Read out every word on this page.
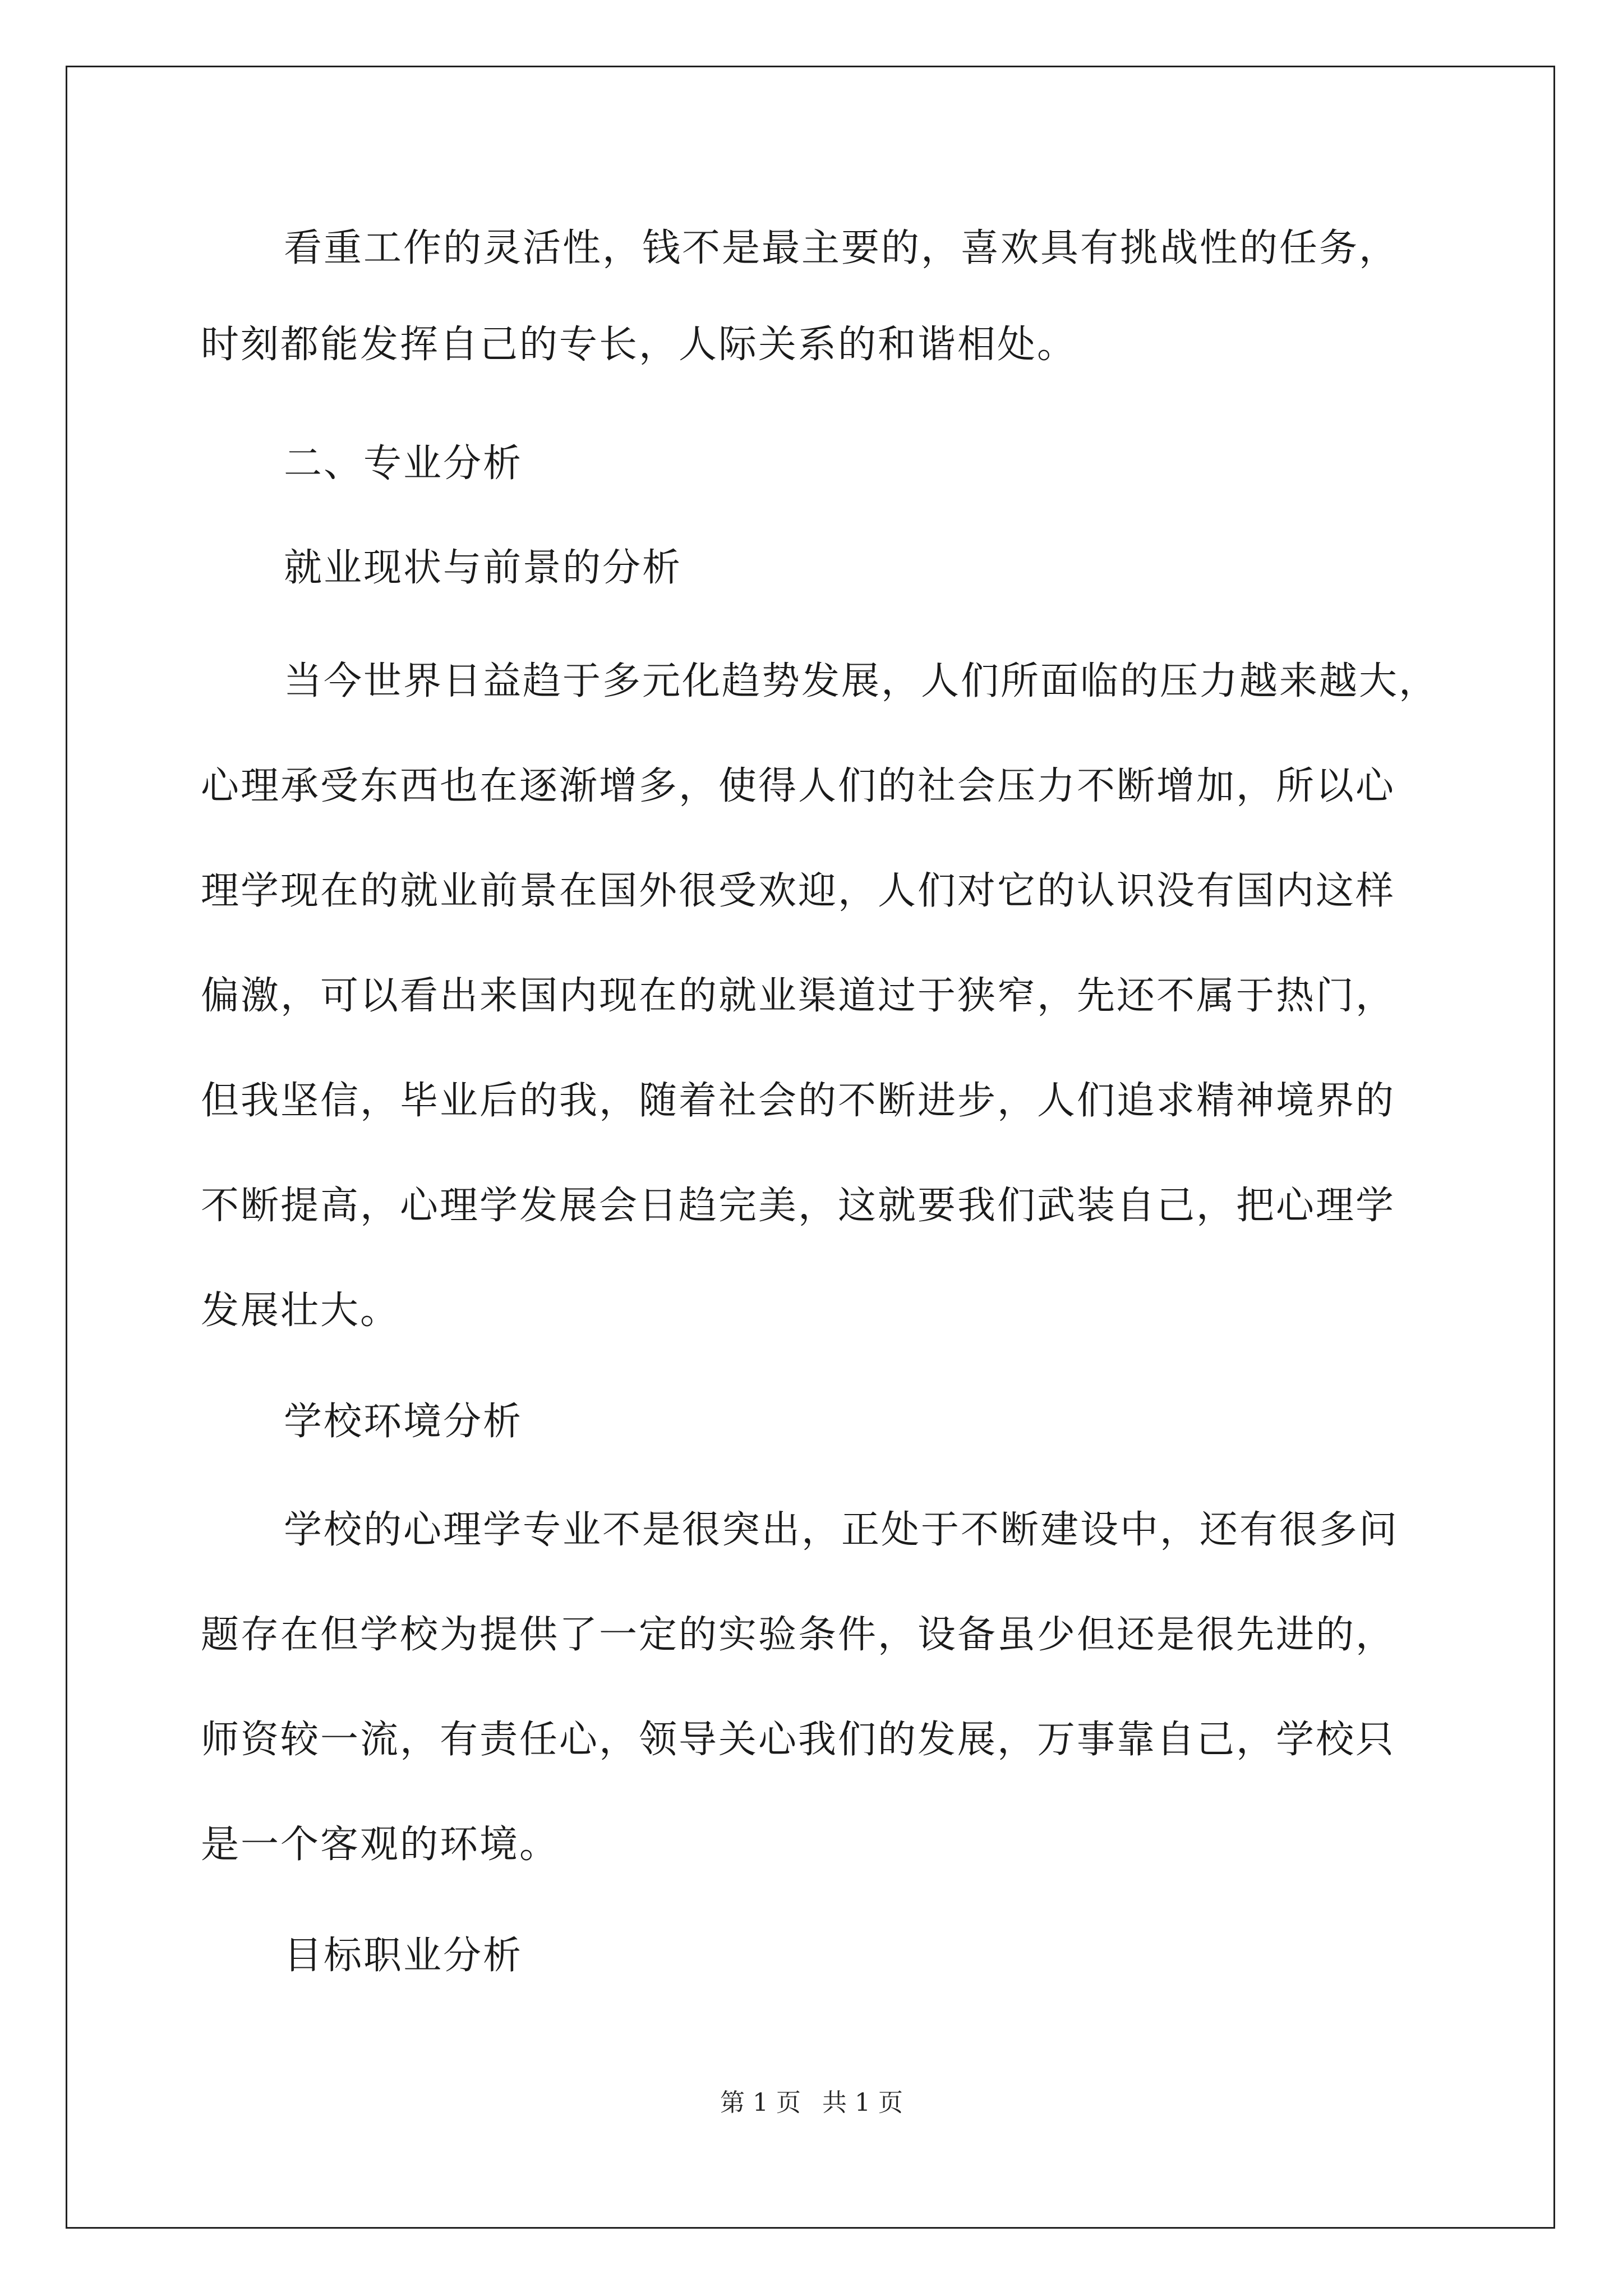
看重工作的灵活性，钱不是最主要的，喜欢具有挑战性的任务，
时刻都能发挥自己的专长，人际关系的和谐相处。
二、专业分析
就业现状与前景的分析
当今世界日益趋于多元化趋势发展，人们所面临的压力越来越大，
心理承受东西也在逐渐增多，使得人们的社会压力不断增加，所以心
理学现在的就业前景在国外很受欢迎，人们对它的认识没有国内这样
偏激，可以看出来国内现在的就业渠道过于狭窄，先还不属于热门，
但我坚信，毕业后的我，随着社会的不断进步，人们追求精神境界的
不断提高，心理学发展会日趋完美，这就要我们武装自己，把心理学
发展壮大。
学校环境分析
学校的心理学专业不是很突出，正处于不断建设中，还有很多问
题存在但学校为提供了一定的实验条件，设备虽少但还是很先进的，
师资较一流，有责任心，领导关心我们的发展，万事靠自己，学校只
是一个客观的环境。
目标职业分析
第 1 页 共 1 页
